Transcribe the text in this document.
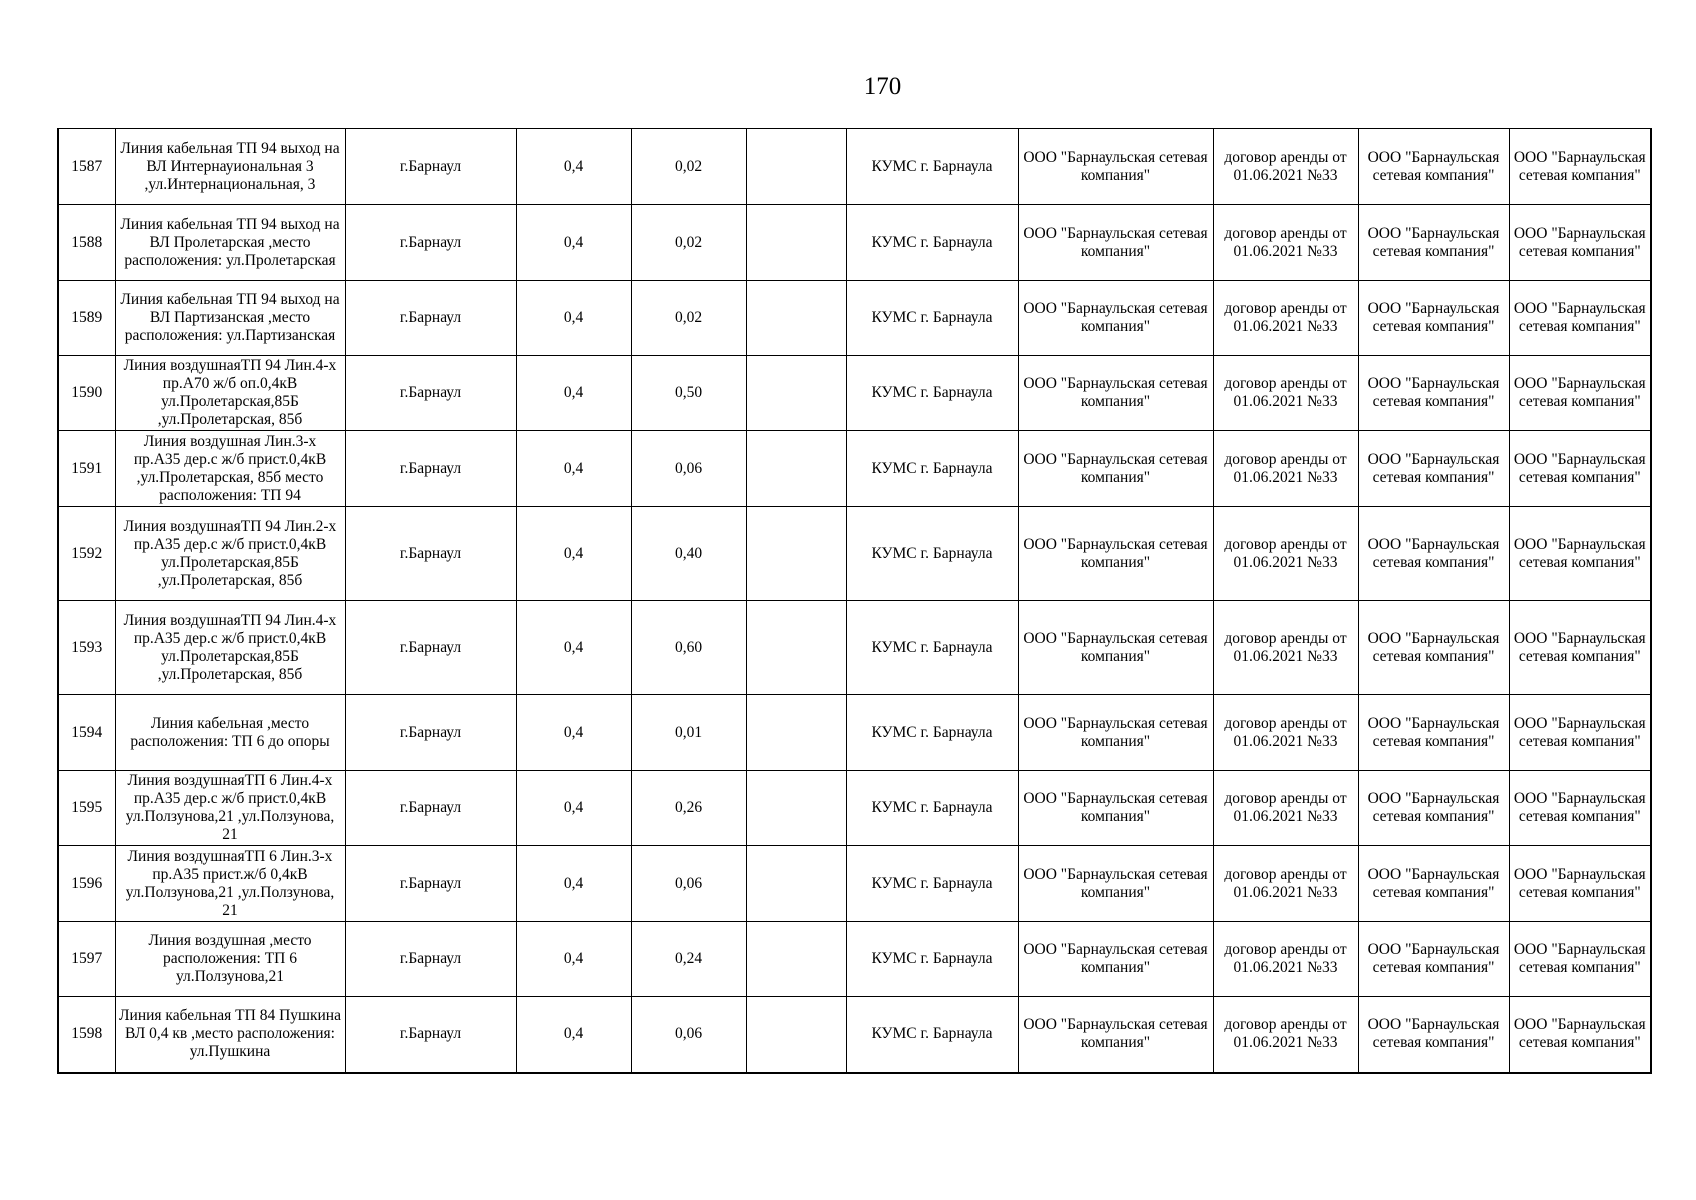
170
1587	Линия кабельная ТП 94 выход на ВЛ Интернауиональная 3 ,ул.Интернациональная, 3	г.Барнаул	0,4	0,02		КУМС г. Барнаула	ООО "Барнаульская сетевая компания"	договор аренды от 01.06.2021 №33	ООО "Барнаульская сетевая компания"	ООО "Барнаульская сетевая компания"
1588	Линия кабельная ТП 94 выход на ВЛ Пролетарская ,место расположения: ул.Пролетарская	г.Барнаул	0,4	0,02		КУМС г. Барнаула	ООО "Барнаульская сетевая компания"	договор аренды от 01.06.2021 №33	ООО "Барнаульская сетевая компания"	ООО "Барнаульская сетевая компания"
1589	Линия кабельная ТП 94 выход на ВЛ Партизанская ,место расположения: ул.Партизанская	г.Барнаул	0,4	0,02		КУМС г. Барнаула	ООО "Барнаульская сетевая компания"	договор аренды от 01.06.2021 №33	ООО "Барнаульская сетевая компания"	ООО "Барнаульская сетевая компания"
1590	Линия воздушнаяТП 94 Лин.4-х пр.А70 ж/б оп.0,4кВ ул.Пролетарская,85Б ,ул.Пролетарская, 85б	г.Барнаул	0,4	0,50		КУМС г. Барнаула	ООО "Барнаульская сетевая компания"	договор аренды от 01.06.2021 №33	ООО "Барнаульская сетевая компания"	ООО "Барнаульская сетевая компания"
1591	Линия воздушная Лин.3-х пр.А35 дер.с ж/б прист.0,4кВ ,ул.Пролетарская, 85б место расположения: ТП 94	г.Барнаул	0,4	0,06		КУМС г. Барнаула	ООО "Барнаульская сетевая компания"	договор аренды от 01.06.2021 №33	ООО "Барнаульская сетевая компания"	ООО "Барнаульская сетевая компания"
1592	Линия воздушнаяТП 94 Лин.2-х пр.А35 дер.с ж/б прист.0,4кВ ул.Пролетарская,85Б ,ул.Пролетарская, 85б	г.Барнаул	0,4	0,40		КУМС г. Барнаула	ООО "Барнаульская сетевая компания"	договор аренды от 01.06.2021 №33	ООО "Барнаульская сетевая компания"	ООО "Барнаульская сетевая компания"
1593	Линия воздушнаяТП 94 Лин.4-х пр.А35 дер.с ж/б прист.0,4кВ ул.Пролетарская,85Б ,ул.Пролетарская, 85б	г.Барнаул	0,4	0,60		КУМС г. Барнаула	ООО "Барнаульская сетевая компания"	договор аренды от 01.06.2021 №33	ООО "Барнаульская сетевая компания"	ООО "Барнаульская сетевая компания"
1594	Линия кабельная ,место расположения: ТП 6 до опоры	г.Барнаул	0,4	0,01		КУМС г. Барнаула	ООО "Барнаульская сетевая компания"	договор аренды от 01.06.2021 №33	ООО "Барнаульская сетевая компания"	ООО "Барнаульская сетевая компания"
1595	Линия воздушнаяТП 6 Лин.4-х пр.А35 дер.с ж/б прист.0,4кВ ул.Ползунова,21 ,ул.Ползунова, 21	г.Барнаул	0,4	0,26		КУМС г. Барнаула	ООО "Барнаульская сетевая компания"	договор аренды от 01.06.2021 №33	ООО "Барнаульская сетевая компания"	ООО "Барнаульская сетевая компания"
1596	Линия воздушнаяТП 6 Лин.3-х пр.А35 прист.ж/б 0,4кВ ул.Ползунова,21 ,ул.Ползунова, 21	г.Барнаул	0,4	0,06		КУМС г. Барнаула	ООО "Барнаульская сетевая компания"	договор аренды от 01.06.2021 №33	ООО "Барнаульская сетевая компания"	ООО "Барнаульская сетевая компания"
1597	Линия воздушная ,место расположения: ТП 6 ул.Ползунова,21	г.Барнаул	0,4	0,24		КУМС г. Барнаула	ООО "Барнаульская сетевая компания"	договор аренды от 01.06.2021 №33	ООО "Барнаульская сетевая компания"	ООО "Барнаульская сетевая компания"
1598	Линия кабельная ТП 84 Пушкина ВЛ 0,4 кв ,место расположения: ул.Пушкина	г.Барнаул	0,4	0,06		КУМС г. Барнаула	ООО "Барнаульская сетевая компания"	договор аренды от 01.06.2021 №33	ООО "Барнаульская сетевая компания"	ООО "Барнаульская сетевая компания"
